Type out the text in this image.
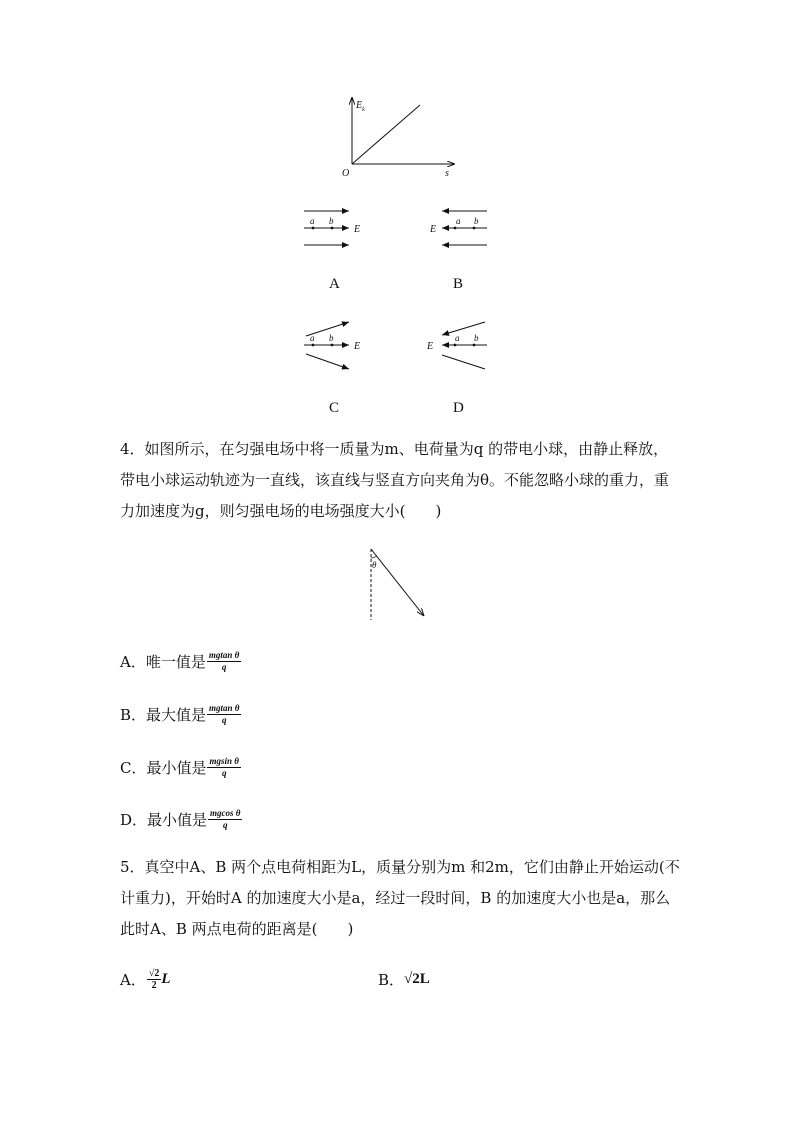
$E_k$
s
O
a b
E
a b
E
A	B
a b
E
a b
E
C	D
4．如图所示，在匀强电场中将一质量为m、电荷量为q 的带电小球，由静止释放，带电小球运动轨迹为一直线，该直线与竖直方向夹角为θ。不能忽略小球的重力，重力加速度为g，则匀强电场的电场强度大小(　　)
θ
A．唯一值是 $\frac{\text{mgtan θ}}{q}$
B．最大值是 $\frac{\text{mgtan θ}}{q}$
C．最小值是 $\frac{\text{mgsin θ}}{q}$
D．最小值是 $\frac{\text{mgcos θ}}{q}$
5．真空中A、B 两个点电荷相距为L，质量分别为m 和2m，它们由静止开始运动(不计重力)，开始时A 的加速度大小是a，经过一段时间，B 的加速度大小也是a，那么此时A、B 两点电荷的距离是(　　)
A． $\frac{√2}{2}$ L	B． √2L
